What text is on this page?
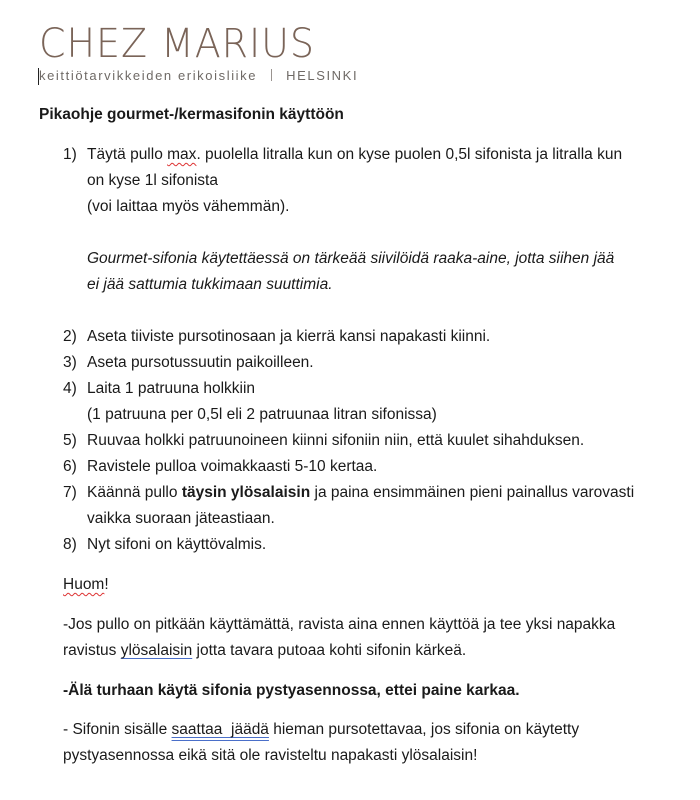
CHEZ MARIUS
keittiötarvikkeiden erikoisliike HELSINKI
Pikaohje gourmet-/kermasifonin käyttöön
1) Täytä pullo max. puolella litralla kun on kyse puolen 0,5l sifonista ja litralla kun
on kyse 1l sifonista
(voi laittaa myös vähemmän).
Gourmet-sifonia käytettäessä on tärkeää siivilöidä raaka-aine, jotta siihen jää
ei jää sattumia tukkimaan suuttimia.
2) Aseta tiiviste pursotinosaan ja kierrä kansi napakasti kiinni.
3) Aseta pursotussuutin paikoilleen.
4) Laita 1 patruuna holkkiin
(1 patruuna per 0,5l eli 2 patruunaa litran sifonissa)
5) Ruuvaa holkki patruunoineen kiinni sifoniin niin, että kuulet sihahduksen.
6) Ravistele pulloa voimakkaasti 5-10 kertaa.
7) Käännä pullo täysin ylösalaisin ja paina ensimmäinen pieni painallus varovasti
vaikka suoraan jäteastiaan.
8) Nyt sifoni on käyttövalmis.
Huom!
-Jos pullo on pitkään käyttämättä, ravista aina ennen käyttöä ja tee yksi napakka
ravistus ylösalaisin jotta tavara putoaa kohti sifonin kärkeä.
-Älä turhaan käytä sifonia pystyasennossa, ettei paine karkaa.
- Sifonin sisälle saattaa  jäädä hieman pursotettavaa, jos sifonia on käytetty
pystyasennossa eikä sitä ole ravisteltu napakasti ylösalaisin!
